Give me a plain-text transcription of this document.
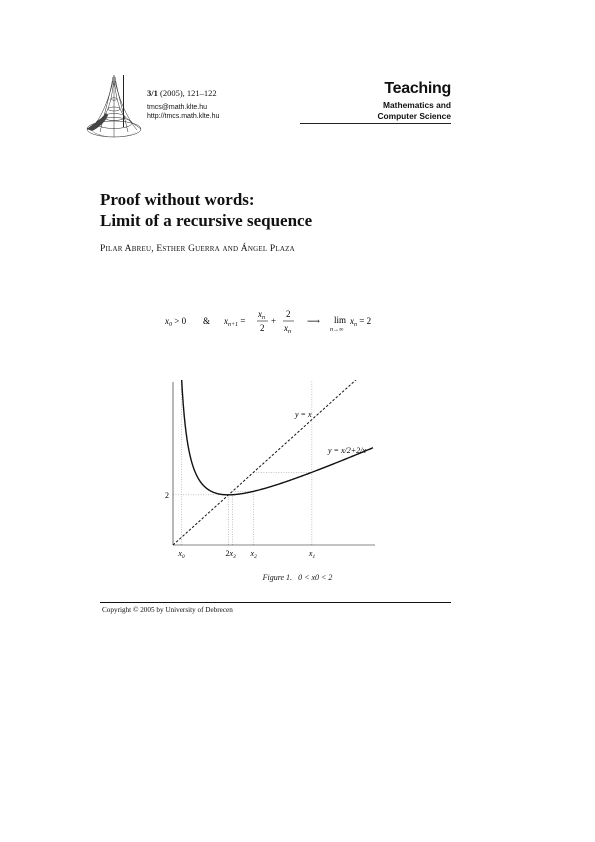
3/1 (2005), 121–122
tmcs@math.klte.hu
http://tmcs.math.klte.hu
Teaching
Mathematics and
Computer Science
Proof without words:
Limit of a recursive sequence
Pilar Abreu, Esther Guerra and Ángel Plaza
$x_0 > 0$ & $x_{n+1}$ =
$x_n$
2
+
2
$x_n$
⟶ lim
n→∞
$x_n = 2$
y = x
y = x/2+2/x
2
$x_0$	2 $x_3$ $x_2$	$x_1$
Figure 1. 0 < x0 < 2
Copyright © 2005 by University of Debrecen
